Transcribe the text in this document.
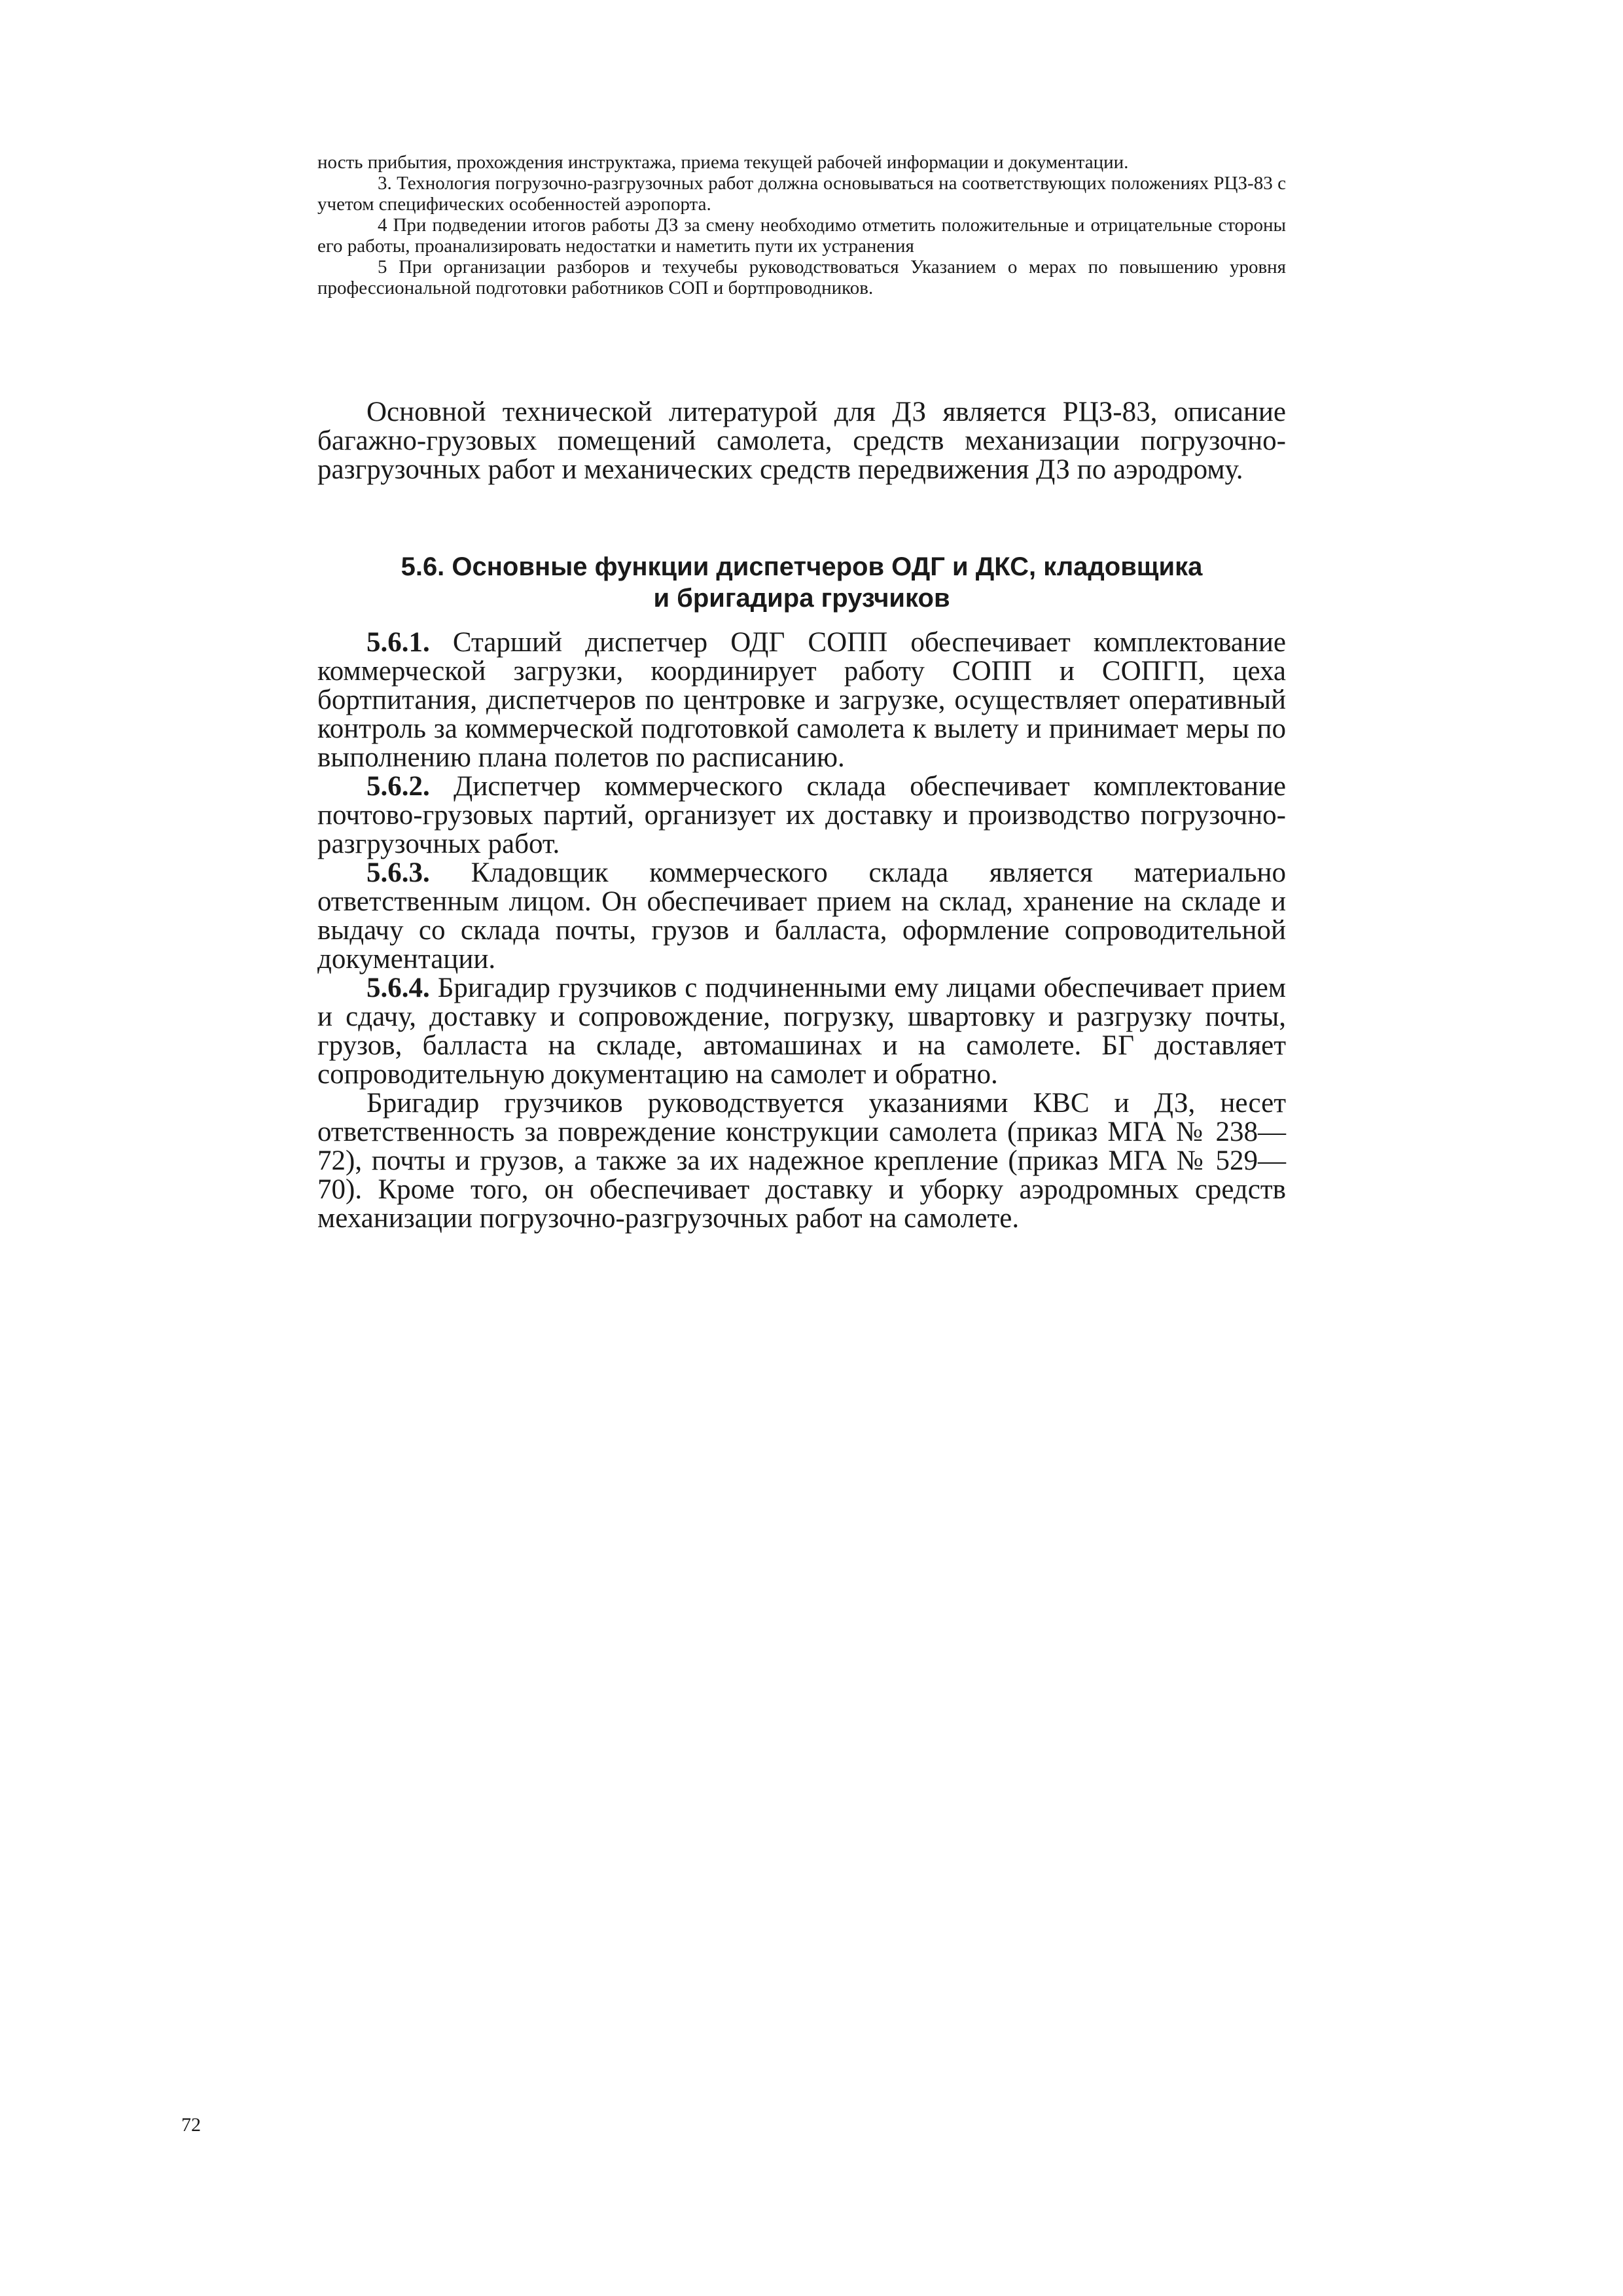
ность прибытия, прохождения инструктажа, приема текущей рабочей информации и документации.

3. Технология погрузочно-разгрузочных работ должна основываться на соответствующих положениях РЦЗ-83 с учетом специфических особенностей аэропорта.

4 При подведении итогов работы ДЗ за смену необходимо отметить положительные и отрицательные стороны его работы, проанализировать недостатки и наметить пути их устранения

5 При организации разборов и техучебы руководствоваться Указанием о мерах по повышению уровня профессиональной подготовки работников СОП и бортпроводников.

Основной технической литературой для ДЗ является РЦЗ-83, описание багажно-грузовых помещений самолета, средств механизации погрузочно-разгрузочных работ и механических средств передвижения ДЗ по аэродрому.

5.6. Основные функции диспетчеров ОДГ и ДКС, кладовщика
и бригадира грузчиков

5.6.1. Старший диспетчер ОДГ СОПП обеспечивает комплектование коммерческой загрузки, координирует работу СОПП и СОПГП, цеха бортпитания, диспетчеров по центровке и загрузке, осуществляет оперативный контроль за коммерческой подготовкой самолета к вылету и принимает меры по выполнению плана полетов по расписанию.

5.6.2. Диспетчер коммерческого склада обеспечивает комплектование почтово-грузовых партий, организует их доставку и производство погрузочно-разгрузочных работ.

5.6.3. Кладовщик коммерческого склада является материально ответственным лицом. Он обеспечивает прием на склад, хранение на складе и выдачу со склада почты, грузов и балласта, оформление сопроводительной документации.

5.6.4. Бригадир грузчиков с подчиненными ему лицами обеспечивает прием и сдачу, доставку и сопровождение, погрузку, швартовку и разгрузку почты, грузов, балласта на складе, автомашинах и на самолете. БГ доставляет сопроводительную документацию на самолет и обратно.

Бригадир грузчиков руководствуется указаниями КВС и ДЗ, несет ответственность за повреждение конструкции самолета (приказ МГА № 238—72), почты и грузов, а также за их надежное крепление (приказ МГА № 529—70). Кроме того, он обеспечивает доставку и уборку аэродромных средств механизации погрузочно-разгрузочных работ на самолете.

72
